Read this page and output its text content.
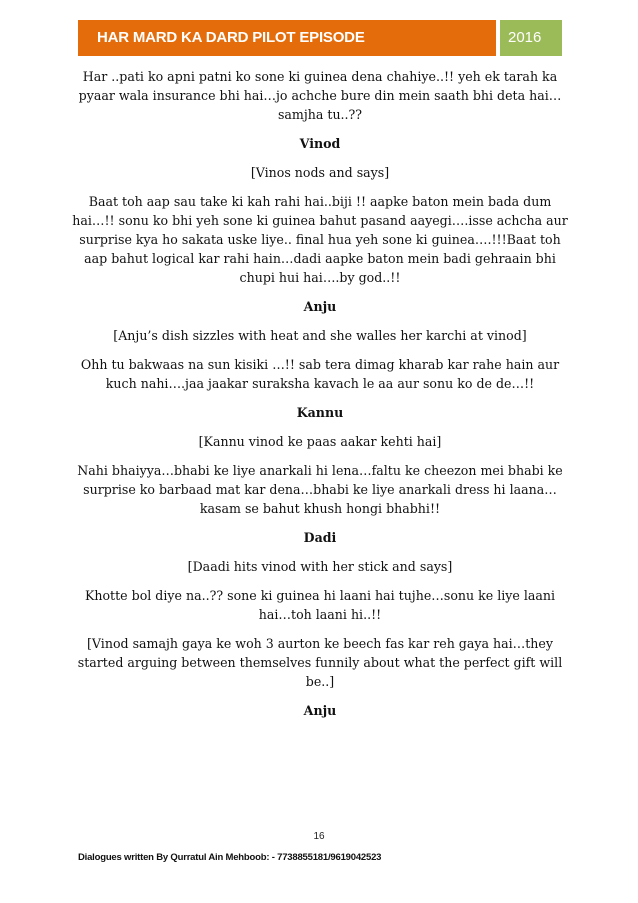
HAR MARD KA DARD PILOT EPISODE	2016

Har ..pati ko apni patni ko sone ki guinea dena chahiye..!! yeh ek tarah ka pyaar wala insurance bhi hai…jo achche bure din mein saath bhi deta hai…samjha tu..??

Vinod

[Vinos nods and says]

Baat toh aap sau take ki kah rahi hai..biji !! aapke baton mein bada dum hai…!! sonu ko bhi yeh sone ki guinea bahut pasand aayegi….isse achcha aur surprise kya ho sakata uske liye.. final hua yeh sone ki guinea….!!!Baat toh aap bahut logical kar rahi hain…dadi aapke baton mein badi gehraain bhi chupi hui hai….by god..!!

Anju

[Anju’s dish sizzles with heat and she walles her karchi at vinod]

Ohh tu bakwaas na sun kisiki …!! sab tera dimag kharab kar rahe hain aur kuch nahi….jaa jaakar suraksha kavach le aa aur sonu ko de de…!!

Kannu

[Kannu vinod ke paas aakar kehti hai]

Nahi bhaiyya…bhabi ke liye anarkali hi lena…faltu ke cheezon mei bhabi ke surprise ko barbaad mat kar dena…bhabi ke liye anarkali dress hi laana…kasam se bahut khush hongi bhabhi!!

Dadi

[Daadi hits vinod with her stick and says]

Khotte bol diye na..?? sone ki guinea hi laani hai tujhe…sonu ke liye laani hai…toh laani hi..!!

[Vinod samajh gaya ke woh 3 aurton ke beech fas kar reh gaya hai…they started arguing between themselves funnily about what the perfect gift will be..]

Anju

16
Dialogues written By Qurratul Ain Mehboob: - 7738855181/9619042523
